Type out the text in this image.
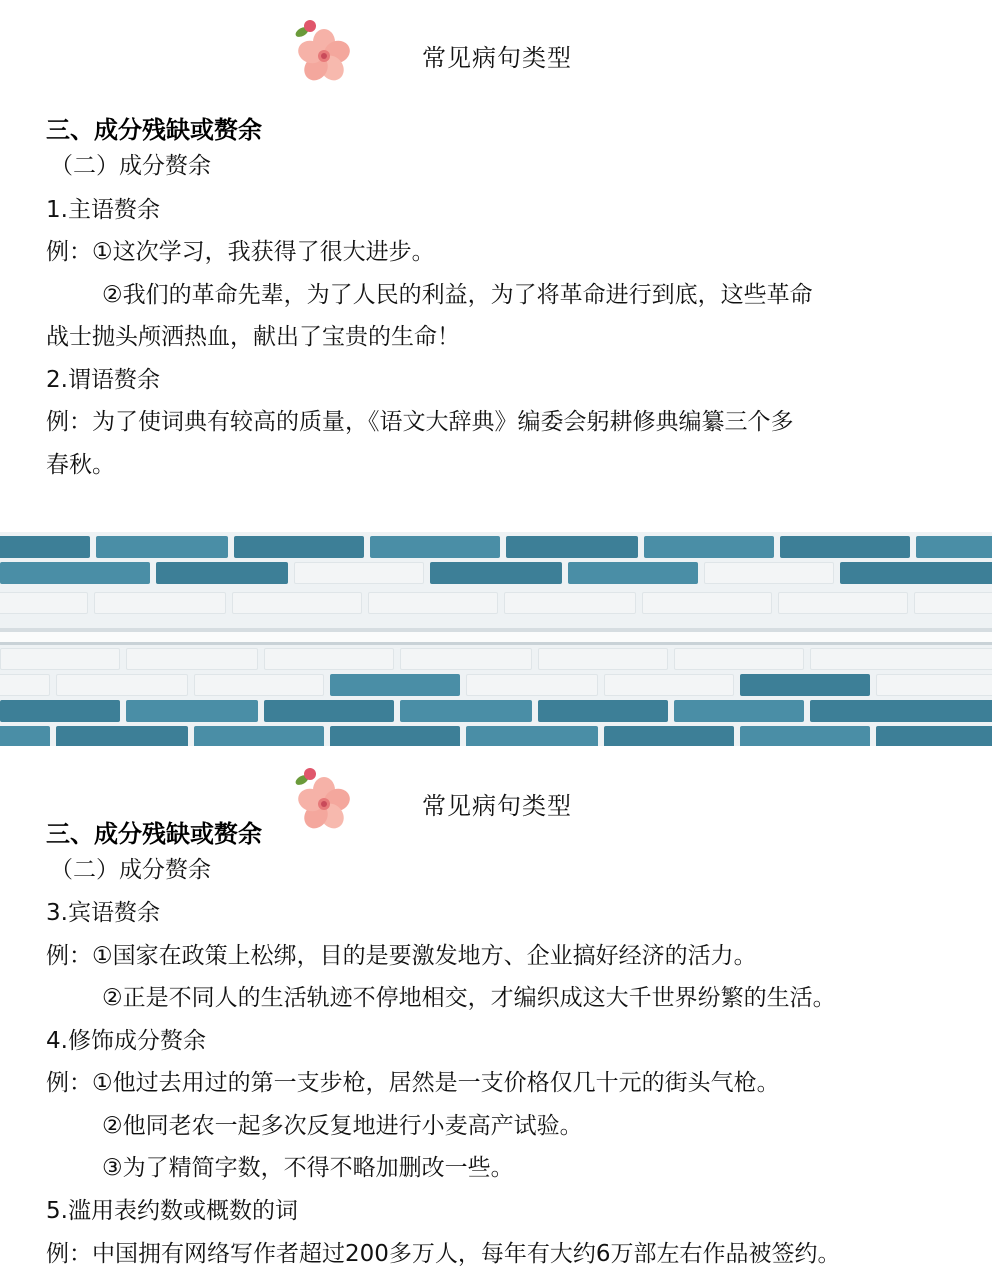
常见病句类型
三、成分残缺或赘余
（二）成分赘余
1.主语赘余
例：①这次学习，我获得了很大进步。
②我们的革命先辈，为了人民的利益，为了将革命进行到底，这些革命
战士抛头颅洒热血，献出了宝贵的生命！
2.谓语赘余
例：为了使词典有较高的质量，《语文大辞典》编委会躬耕修典编纂三个多
春秋。
常见病句类型
三、成分残缺或赘余
（二）成分赘余
3.宾语赘余
例：①国家在政策上松绑，目的是要激发地方、企业搞好经济的活力。
②正是不同人的生活轨迹不停地相交，才编织成这大千世界纷繁的生活。
4.修饰成分赘余
例：①他过去用过的第一支步枪，居然是一支价格仅几十元的街头气枪。
②他同老农一起多次反复地进行小麦高产试验。
③为了精简字数，不得不略加删改一些。
5.滥用表约数或概数的词
例：中国拥有网络写作者超过200多万人，每年有大约6万部左右作品被签约。
